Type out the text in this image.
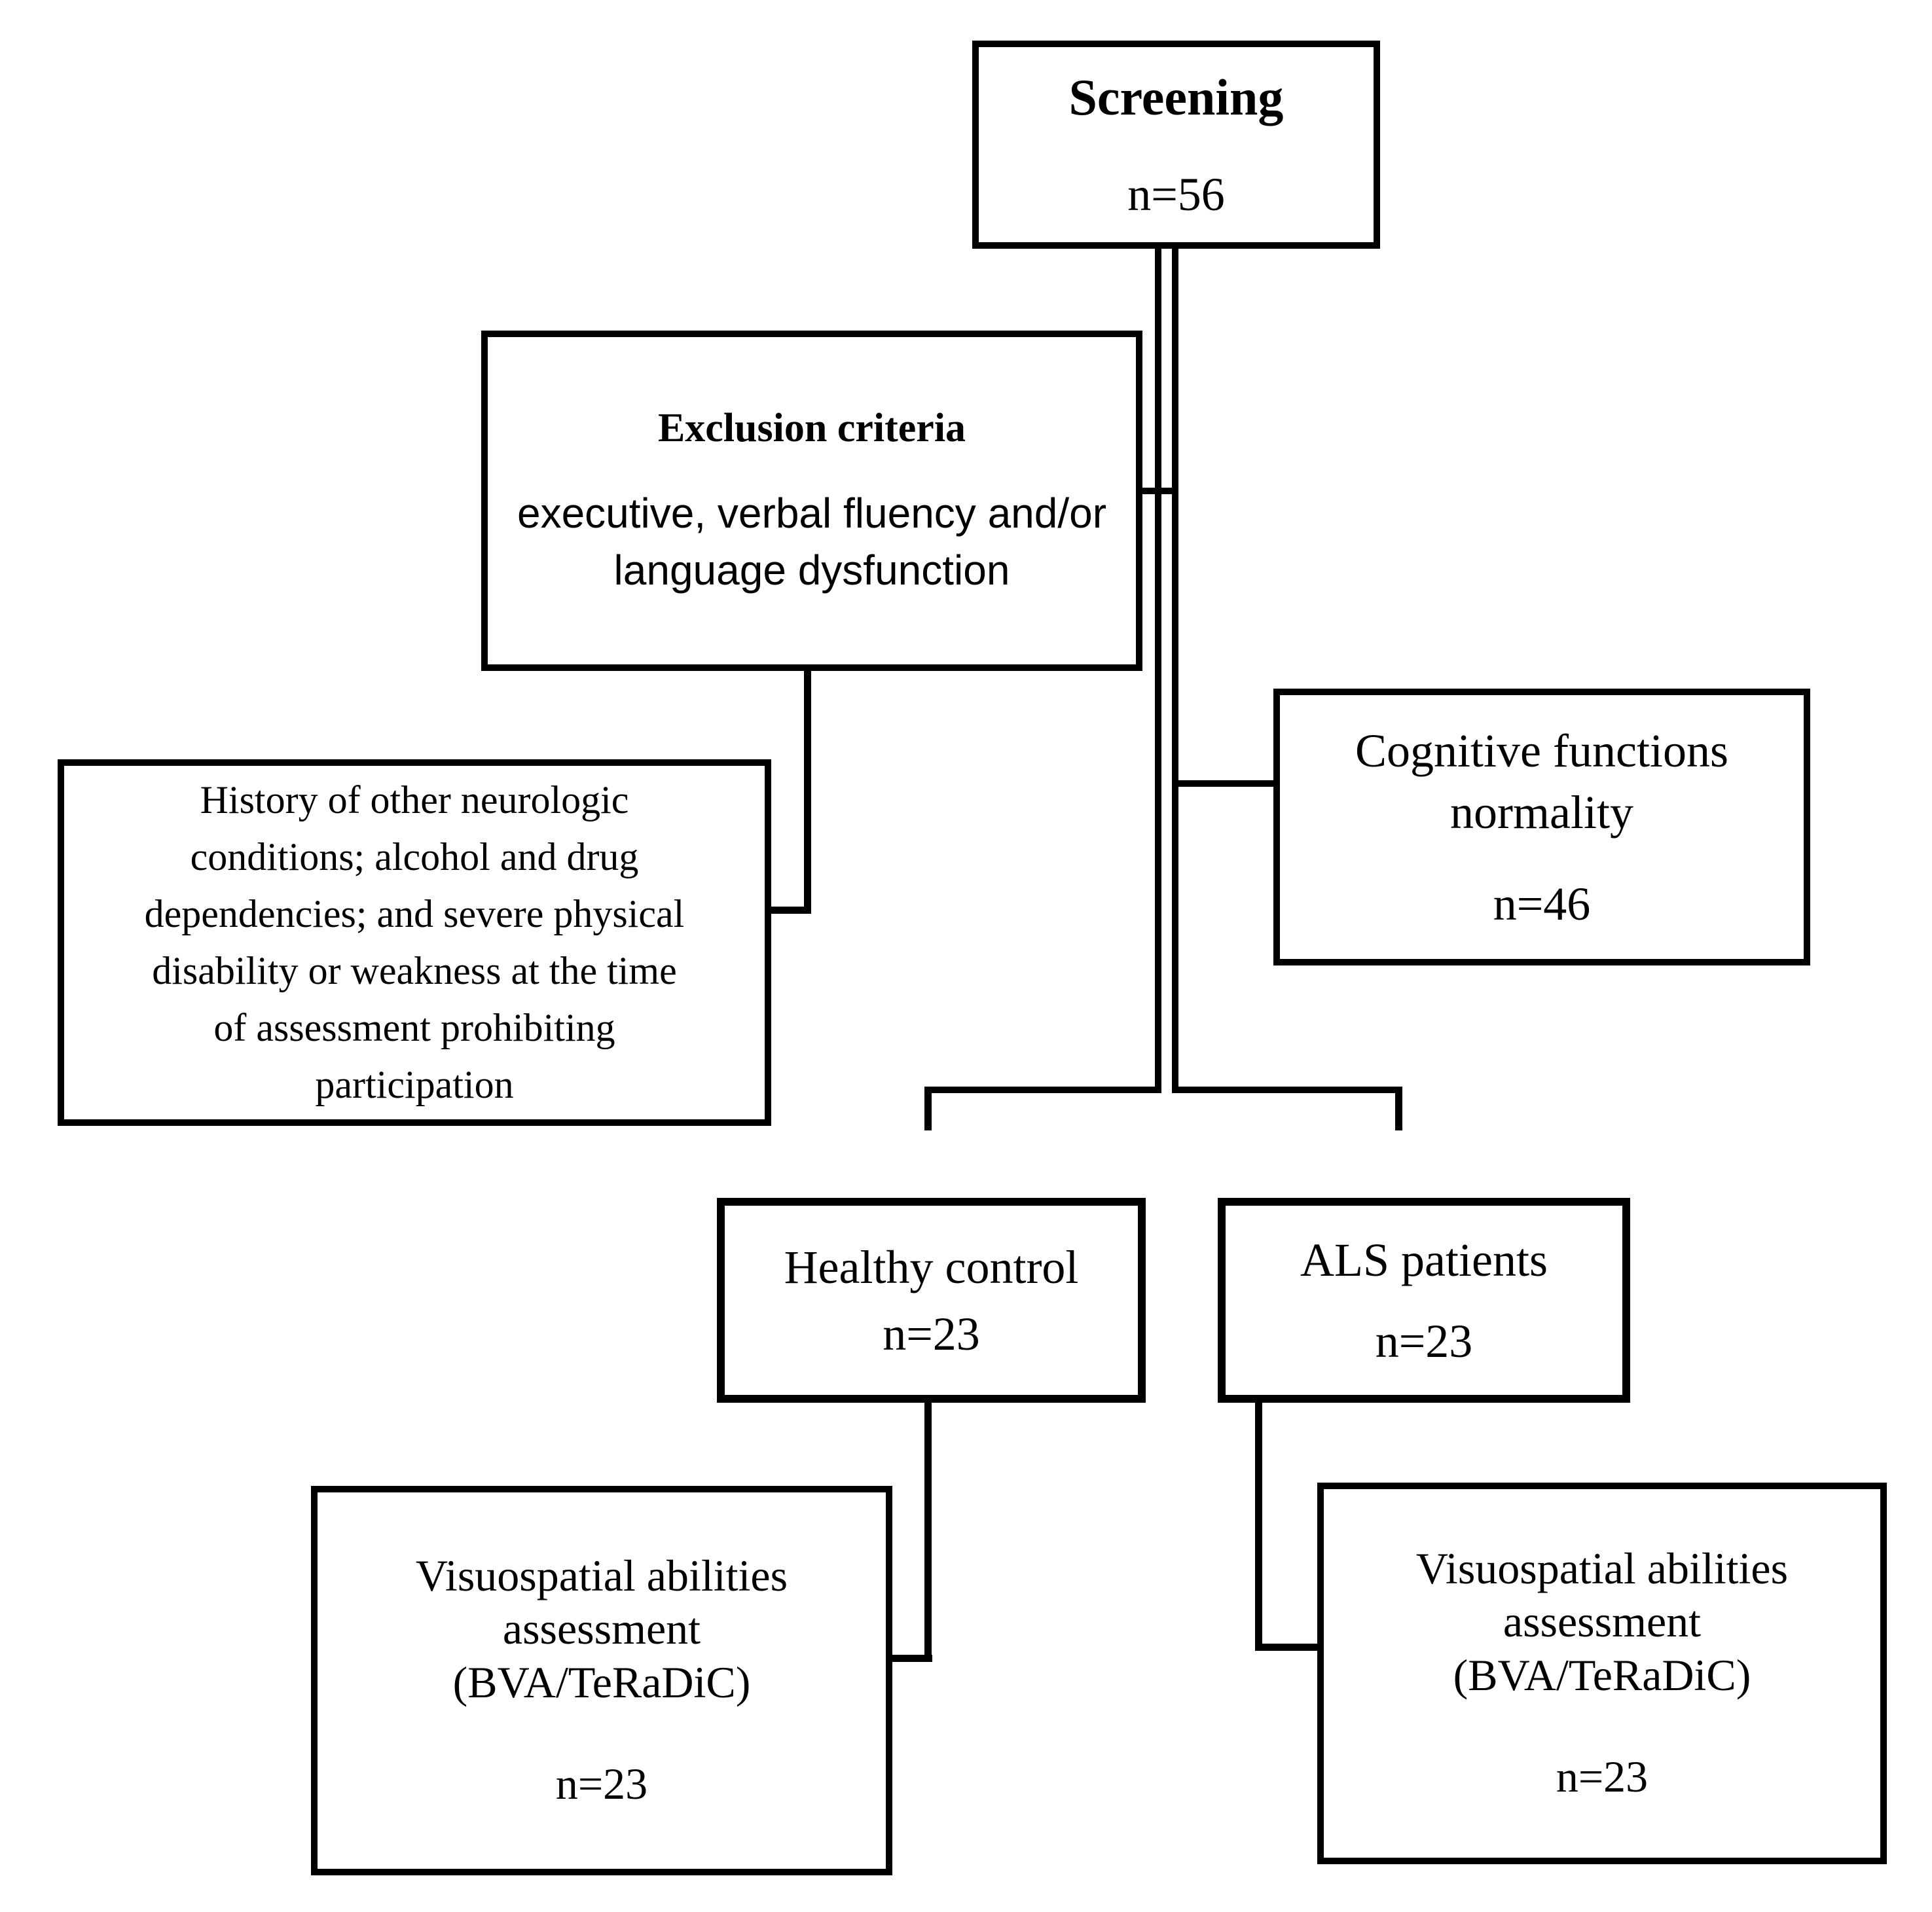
Screening
n=56
Exclusion criteria
executive, verbal fluency and/or
language dysfunction
History of other neurologic
conditions; alcohol and drug
dependencies; and severe physical
disability or weakness at the time
of assessment prohibiting
participation
Cognitive functions
normality
n=46
Healthy control
n=23
ALS patients
n=23
Visuospatial abilities
assessment
(BVA/TeRaDiC)
n=23
Visuospatial abilities
assessment
(BVA/TeRaDiC)
n=23
